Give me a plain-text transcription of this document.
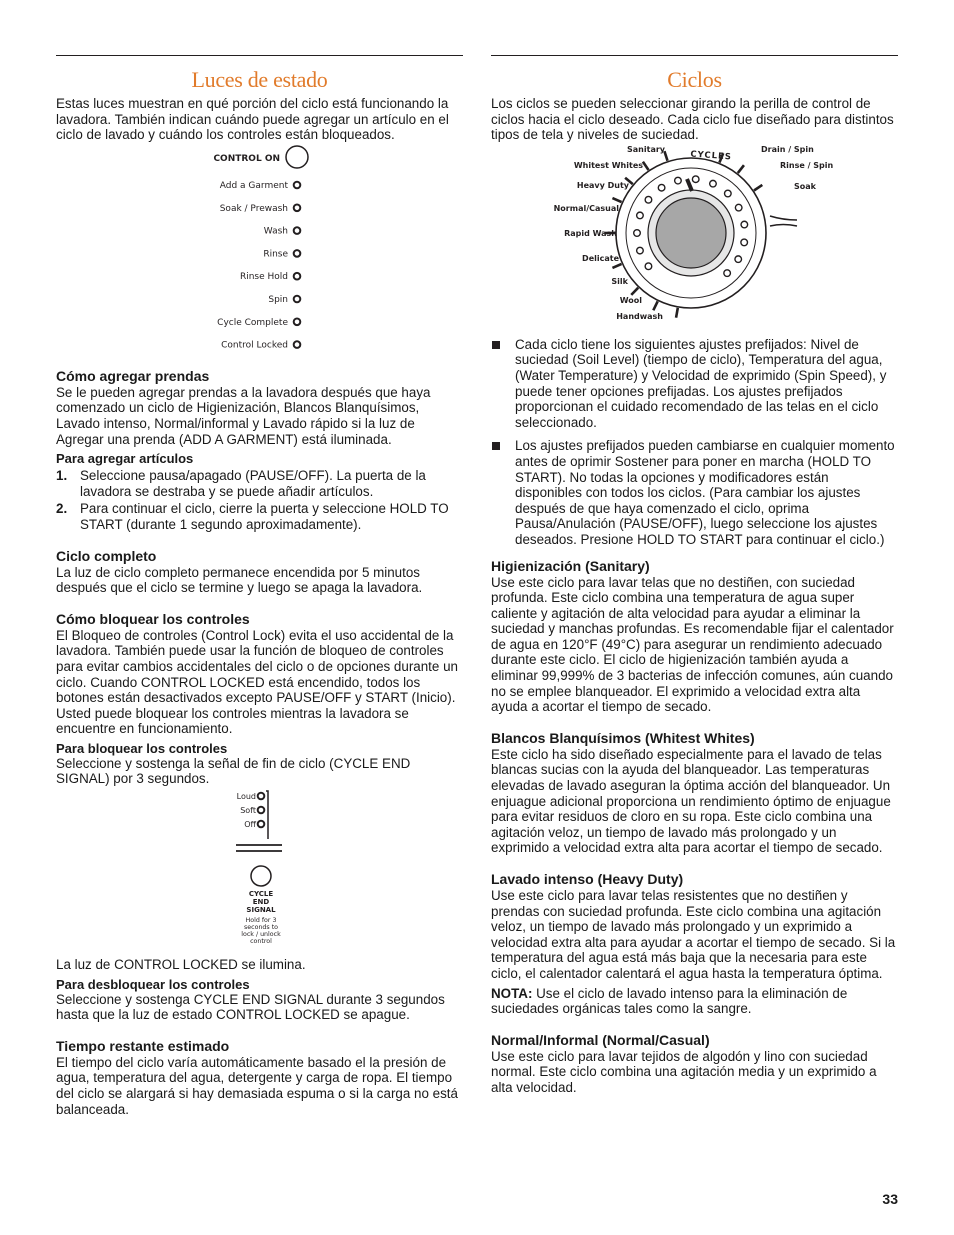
Luces de estado

Estas luces muestran en qué porción del ciclo está funcionando la lavadora. También indican cuándo puede agregar un artículo en el ciclo de lavado y cuándo los controles están bloqueados.

CONTROL ON
Add a Garment
Soak / Prewash
Wash
Rinse
Rinse Hold
Spin
Cycle Complete
Control Locked
Cómo agregar prendas

Se le pueden agregar prendas a la lavadora después que haya comenzado un ciclo de Higienización, Blancos Blanquísimos, Lavado intenso, Normal/informal y Lavado rápido si la luz de Agregar una prenda (ADD A GARMENT) está iluminada.

Para agregar artículos
1. Seleccione pausa/apagado (PAUSE/OFF). La puerta de la lavadora se destraba y se puede añadir artículos.
2. Para continuar el ciclo, cierre la puerta y seleccione HOLD TO START (durante 1 segundo aproximadamente).
Ciclo completo

La luz de ciclo completo permanece encendida por 5 minutos después que el ciclo se termine y luego se apaga la lavadora.

Cómo bloquear los controles

El Bloqueo de controles (Control Lock) evita el uso accidental de la lavadora. También puede usar la función de bloqueo de controles para evitar cambios accidentales del ciclo o de opciones durante un ciclo. Cuando CONTROL LOCKED está encendido, todos los botones están desactivados excepto PAUSE/OFF y START (Inicio). Usted puede bloquear los controles mientras la lavadora se encuentre en funcionamiento.

Para bloquear los controles

Seleccione y sostenga la señal de fin de ciclo (CYCLE END SIGNAL) por 3 segundos.

Loud
Soft
Off
CYCLE
END
SIGNAL
Hold for 3
seconds to
lock / unlock
control

La luz de CONTROL LOCKED se ilumina.

Para desbloquear los controles

Seleccione y sostenga CYCLE END SIGNAL durante 3 segundos hasta que la luz de estado CONTROL LOCKED se apague.

Tiempo restante estimado

El tiempo del ciclo varía automáticamente basado el la presión de agua, temperatura del agua, detergente y carga de ropa. El tiempo del ciclo se alargará si hay demasiada espuma o si la carga no está balanceada.

Ciclos

Los ciclos se pueden seleccionar girando la perilla de control de ciclos hacia el ciclo deseado. Cada ciclo fue diseñado para distintos tipos de tela y niveles de suciedad.

CYCLES
Sanitary
Whitest Whites
Heavy Duty
Normal/Casual
Rapid Wash
Delicate
Silk
Wool
Handwash
Drain / Spin
Rinse / Spin
Soak
Cada ciclo tiene los siguientes ajustes prefijados: Nivel de suciedad (Soil Level) (tiempo de ciclo), Temperatura del agua, (Water Temperature) y Velocidad de exprimido (Spin Speed), y puede tener opciones prefijadas. Los ajustes prefijados proporcionan el cuidado recomendado de las telas en el ciclo seleccionado.
Los ajustes prefijados pueden cambiarse en cualquier momento antes de oprimir Sostener para poner en marcha (HOLD TO START). No todas la opciones y modificadores están disponibles con todos los ciclos. (Para cambiar los ajustes después de que haya comenzado el ciclo, oprima Pausa/Anulación (PAUSE/OFF), luego seleccione los ajustes deseados. Presione HOLD TO START para continuar el ciclo.)
Higienización (Sanitary)

Use este ciclo para lavar telas que no destiñen, con suciedad profunda. Este ciclo combina una temperatura de agua super caliente y agitación de alta velocidad para ayudar a eliminar la suciedad y manchas profundas. Es recomendable fijar el calentador de agua en 120°F (49°C) para asegurar un rendimiento adecuado durante este ciclo. El ciclo de higienización también ayuda a eliminar 99,999% de 3 bacterias de infección comunes, aún cuando no se emplee blanqueador. El exprimido a velocidad extra alta ayuda a acortar el tiempo de secado.

Blancos Blanquísimos (Whitest Whites)

Este ciclo ha sido diseñado especialmente para el lavado de telas blancas sucias con la ayuda del blanqueador. Las temperaturas elevadas de lavado aseguran la óptima acción del blanqueador. Un enjuague adicional proporciona un rendimiento óptimo de enjuague para evitar residuos de cloro en su ropa. Este ciclo combina una agitación veloz, un tiempo de lavado más prolongado y un exprimido a velocidad extra alta para acortar el tiempo de secado.

Lavado intenso (Heavy Duty)

Use este ciclo para lavar telas resistentes que no destiñen y prendas con suciedad profunda. Este ciclo combina una agitación veloz, un tiempo de lavado más prolongado y un exprimido a velocidad extra alta para ayudar a acortar el tiempo de secado. Si la temperatura del agua está más baja que la necesaria para este ciclo, el calentador calentará el agua hasta la temperatura óptima.

NOTA: Use el ciclo de lavado intenso para la eliminación de suciedades orgánicas tales como la sangre.

Normal/Informal (Normal/Casual)

Use este ciclo para lavar tejidos de algodón y lino con suciedad normal. Este ciclo combina una agitación media y un exprimido a alta velocidad.

33
